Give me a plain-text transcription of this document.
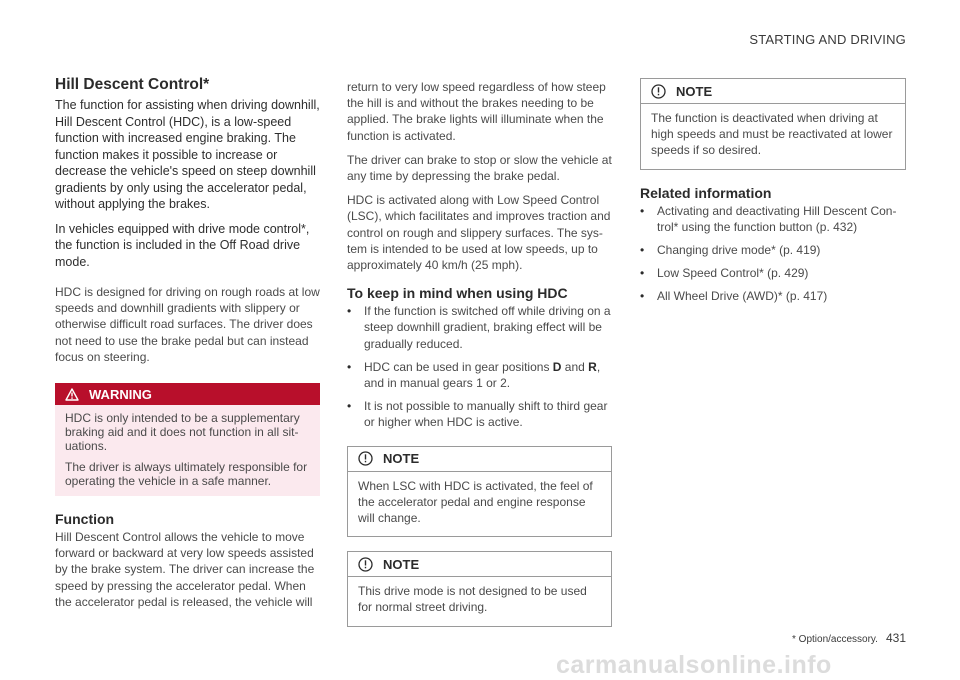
STARTING AND DRIVING
Hill Descent Control*

The function for assisting when driving downhill, Hill Descent Control (HDC), is a low-speed function with increased engine braking. The function makes it possible to increase or decrease the vehicle's speed on steep downhill gradients by only using the accelerator pedal, without applying the brakes.

In vehicles equipped with drive mode control*, the function is included in the Off Road drive mode.

HDC is designed for driving on rough roads at low speeds and downhill gradients with slippery or otherwise difficult road surfaces. The driver does not need to use the brake pedal but can instead focus on steering.

WARNING

HDC is only intended to be a supplementary braking aid and it does not function in all sit-uations.

The driver is always ultimately responsible for operating the vehicle in a safe manner.

Function

Hill Descent Control allows the vehicle to move forward or backward at very low speeds assisted by the brake system. The driver can increase the speed by pressing the accelerator pedal. When the accelerator pedal is released, the vehicle will

return to very low speed regardless of how steep the hill is and without the brakes needing to be applied. The brake lights will illuminate when the function is activated.

The driver can brake to stop or slow the vehicle at any time by depressing the brake pedal.

HDC is activated along with Low Speed Control (LSC), which facilitates and improves traction and control on rough and slippery surfaces. The sys-tem is intended to be used at low speeds, up to approximately 40 km/h (25 mph).

To keep in mind when using HDC
• If the function is switched off while driving on a steep downhill gradient, braking effect will be gradually reduced.
• HDC can be used in gear positions D and R, and in manual gears 1 or 2.
• It is not possible to manually shift to third gear or higher when HDC is active.
NOTE
When LSC with HDC is activated, the feel of the accelerator pedal and engine response will change.
NOTE
This drive mode is not designed to be used for normal street driving.
NOTE
The function is deactivated when driving at high speeds and must be reactivated at lower speeds if so desired.
Related information
• Activating and deactivating Hill Descent Con-trol* using the function button (p. 432)
• Changing drive mode* (p. 419)
• Low Speed Control* (p. 429)
• All Wheel Drive (AWD)* (p. 417)
* Option/accessory. 431
carmanualsonline.info
